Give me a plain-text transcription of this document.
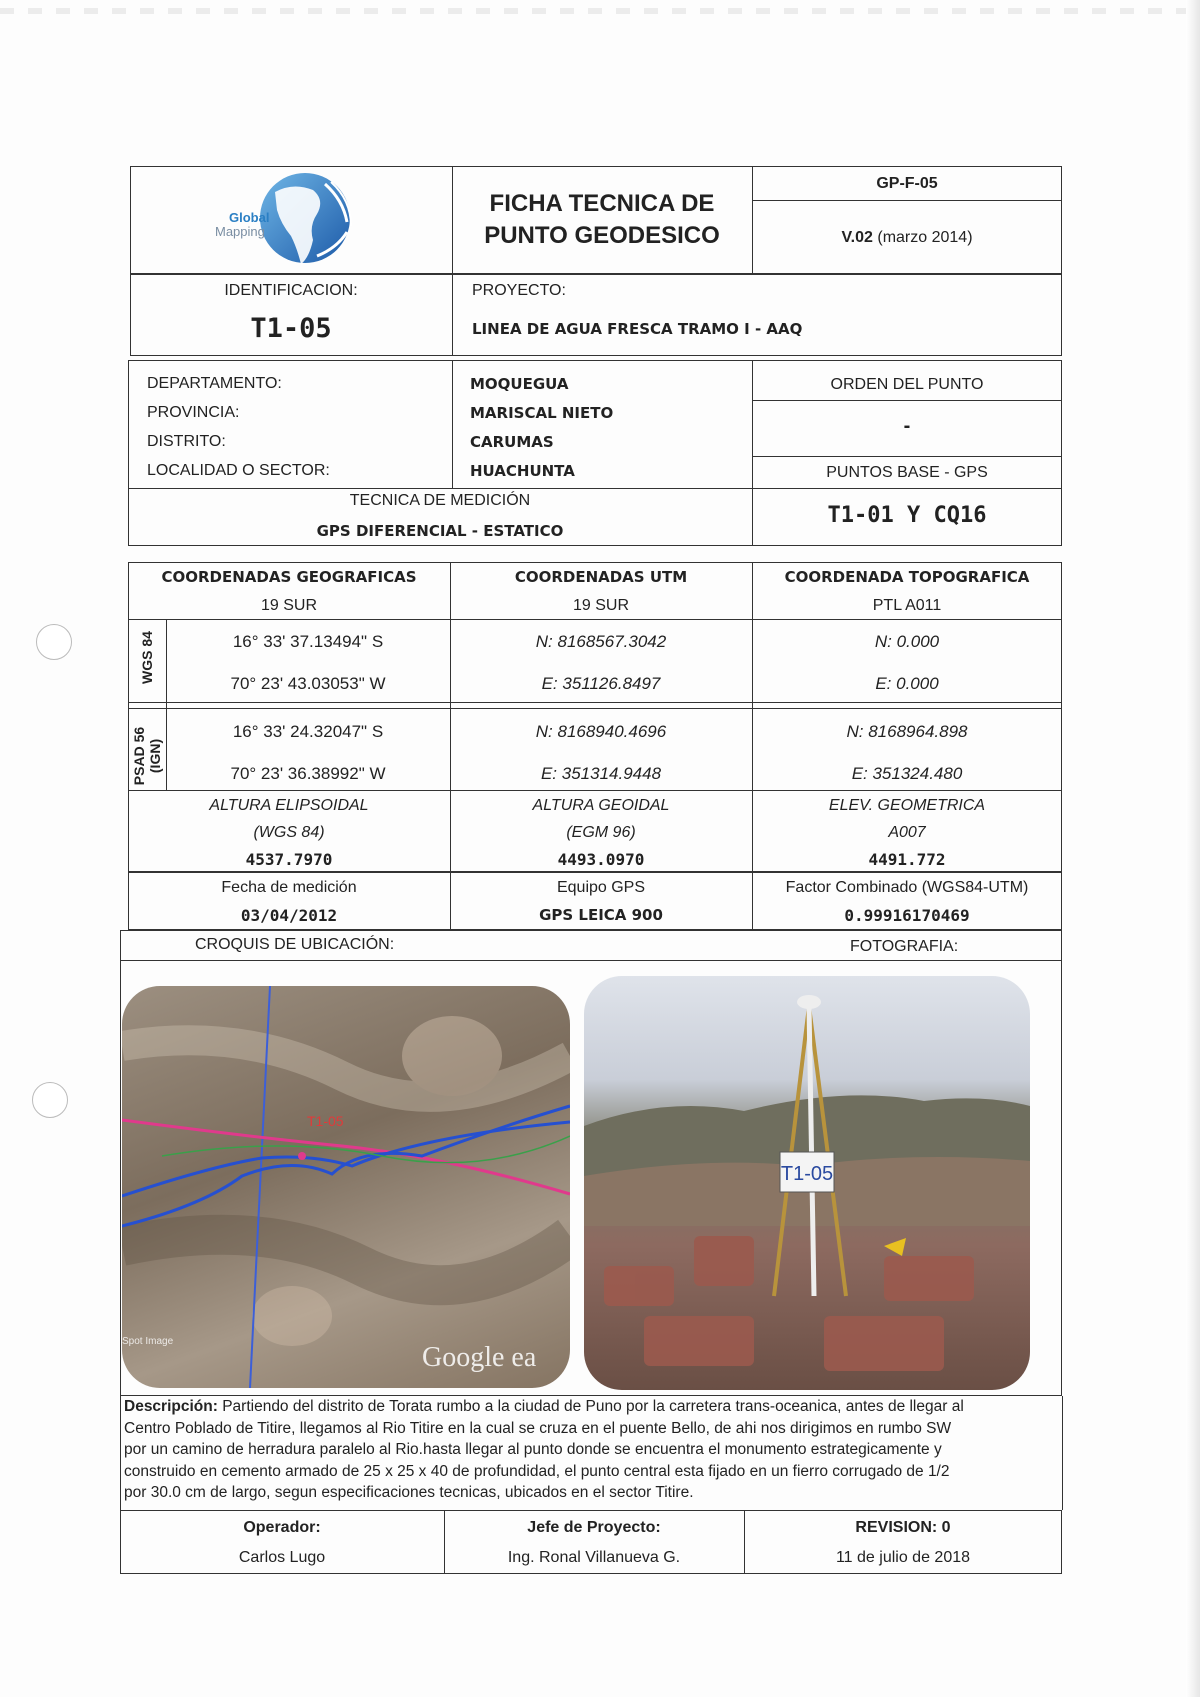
Global
Mapping
FICHA TECNICA DE
PUNTO GEODESICO
GP-F-05
V.02 (marzo 2014)
IDENTIFICACION:
T1-05
PROYECTO:
LINEA DE AGUA FRESCA TRAMO I - AAQ
DEPARTAMENTO:
PROVINCIA:
DISTRITO:
LOCALIDAD O SECTOR:
MOQUEGUA
MARISCAL NIETO
CARUMAS
HUACHUNTA
ORDEN DEL PUNTO
-
PUNTOS BASE - GPS
T1-01 Y CQ16
TECNICA DE MEDICIÓN
GPS DIFERENCIAL - ESTATICO
COORDENADAS GEOGRAFICAS
19 SUR
COORDENADAS UTM
19 SUR
COORDENADA TOPOGRAFICA
PTL A011
WGS 84	16° 33' 37.13494" S
70° 23' 43.03053" W
N: 8168567.3042
E: 351126.8497
N: 0.000
E: 0.000
PSAD 56
(IGN)
16° 33' 24.32047" S
70° 23' 36.38992" W
N: 8168940.4696
E: 351314.9448
N: 8168964.898
E: 351324.480
ALTURA ELIPSOIDAL
(WGS 84)
4537.7970
ALTURA GEOIDAL
(EGM 96)
4493.0970
ELEV. GEOMETRICA
A007
4491.772
Fecha de medición
03/04/2012
Equipo GPS
GPS LEICA 900
Factor Combinado (WGS84-UTM)
0.99916170469
CROQUIS DE UBICACIÓN:	FOTOGRAFIA:
T1-05
Google ea
Spot Image
T1-05
Descripción: Partiendo del distrito de Torata rumbo a la ciudad de Puno por la carretera trans-oceanica, antes de llegar al
Centro Poblado de Titire, llegamos al Rio Titire en la cual se cruza en el puente Bello, de ahi nos dirigimos en rumbo SW
por un camino de herradura paralelo al Rio.hasta llegar al punto donde se encuentra el monumento estrategicamente y
construido en cemento armado de 25 x 25 x 40 de profundidad, el punto central esta fijado en un fierro corrugado de 1/2
por 30.0 cm de largo, segun especificaciones tecnicas, ubicados en el sector Titire.
Operador:
Carlos Lugo
Jefe de Proyecto:
Ing. Ronal Villanueva G.
REVISION: 0
11 de julio de 2018
